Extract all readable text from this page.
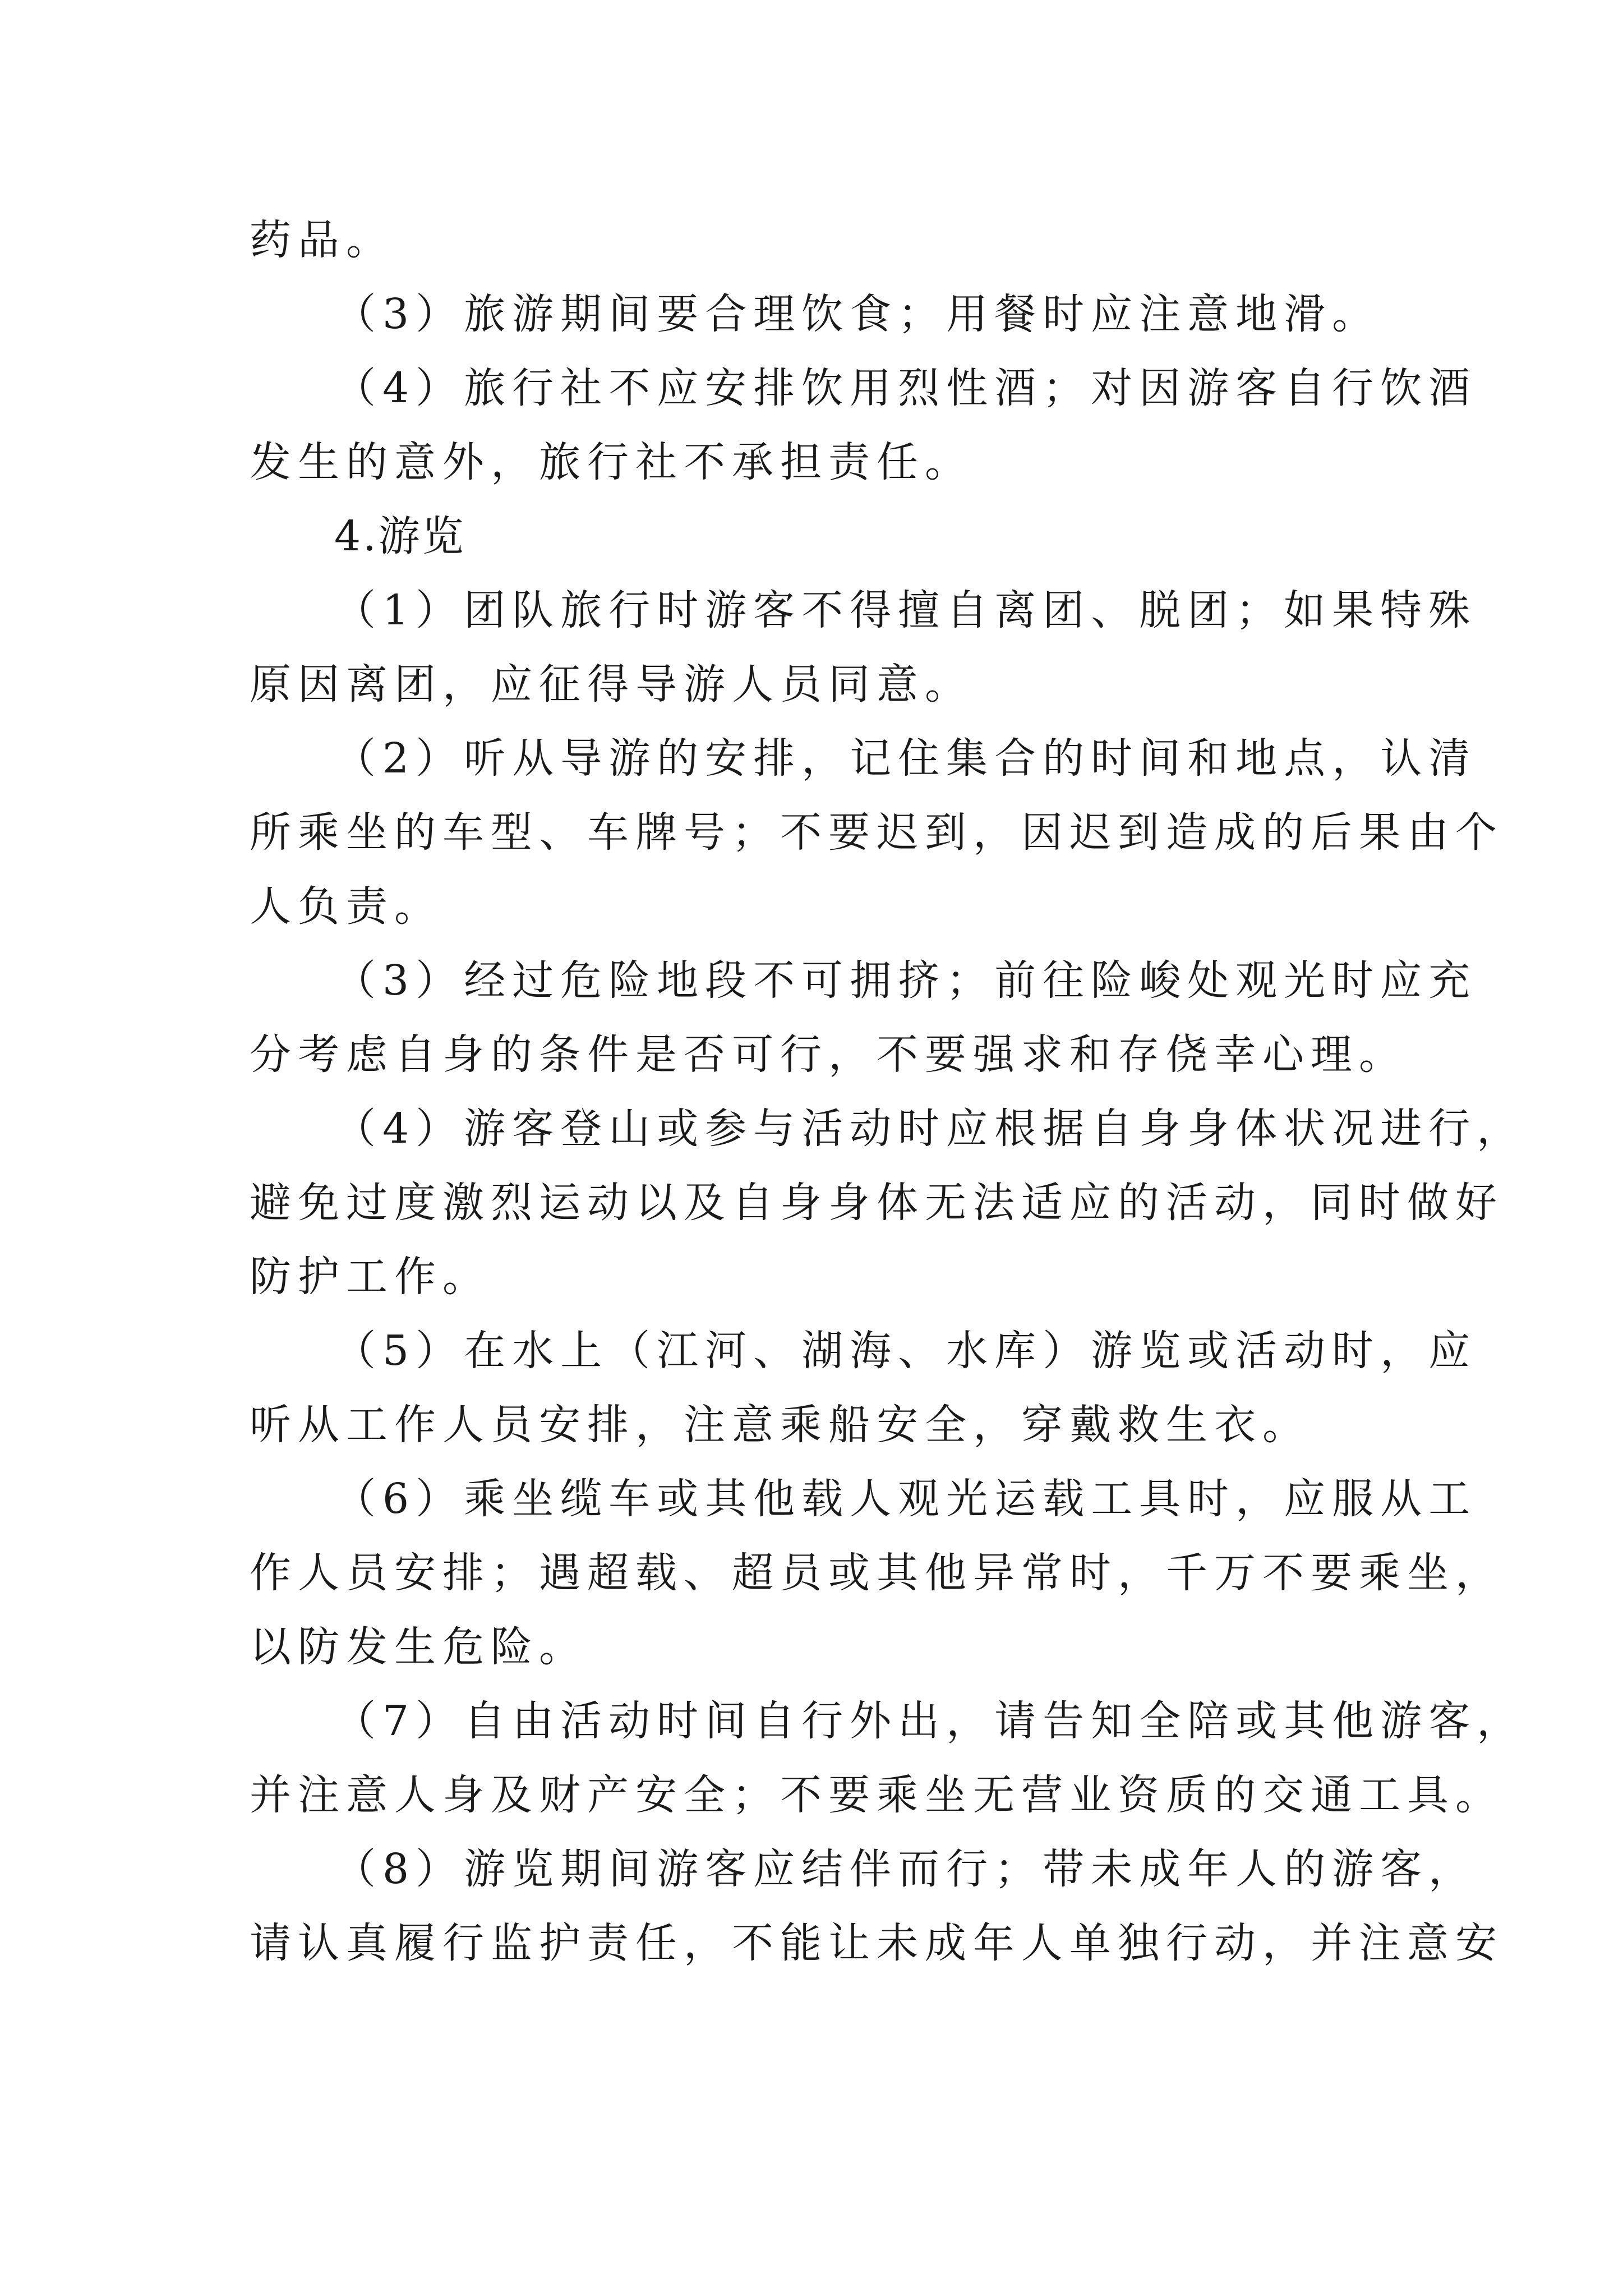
药品。
（3）旅游期间要合理饮食；用餐时应注意地滑。
（4）旅行社不应安排饮用烈性酒；对因游客自行饮酒
发生的意外，旅行社不承担责任。
4.游览
（1）团队旅行时游客不得擅自离团、脱团；如果特殊
原因离团，应征得导游人员同意。
（2）听从导游的安排，记住集合的时间和地点，认清
所乘坐的车型、车牌号；不要迟到，因迟到造成的后果由个
人负责。
（3）经过危险地段不可拥挤；前往险峻处观光时应充
分考虑自身的条件是否可行，不要强求和存侥幸心理。
（4）游客登山或参与活动时应根据自身身体状况进行，
避免过度激烈运动以及自身身体无法适应的活动，同时做好
防护工作。
（5）在水上（江河、湖海、水库）游览或活动时，应
听从工作人员安排，注意乘船安全，穿戴救生衣。
（6）乘坐缆车或其他载人观光运载工具时，应服从工
作人员安排；遇超载、超员或其他异常时，千万不要乘坐，
以防发生危险。
（7）自由活动时间自行外出，请告知全陪或其他游客，
并注意人身及财产安全；不要乘坐无营业资质的交通工具。
（8）游览期间游客应结伴而行；带未成年人的游客，
请认真履行监护责任，不能让未成年人单独行动，并注意安
